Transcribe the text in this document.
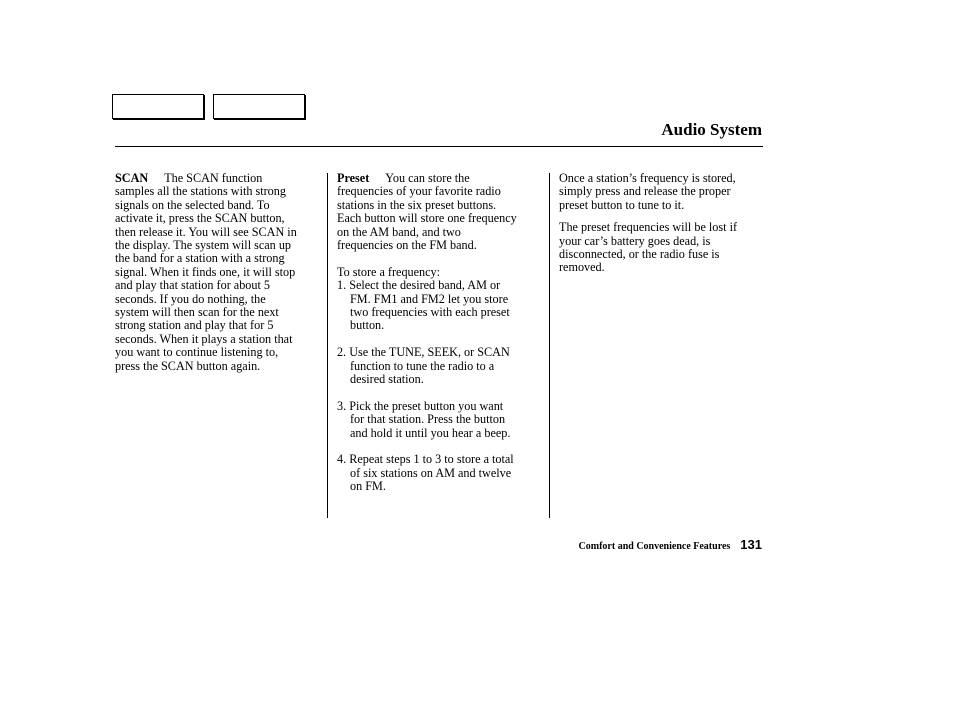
Audio System
SCAN The SCAN function
samples all the stations with strong
signals on the selected band. To
activate it, press the SCAN button,
then release it. You will see SCAN in
the display. The system will scan up
the band for a station with a strong
signal. When it finds one, it will stop
and play that station for about 5
seconds. If you do nothing, the
system will then scan for the next
strong station and play that for 5
seconds. When it plays a station that
you want to continue listening to,
press the SCAN button again.
Preset You can store the
frequencies of your favorite radio
stations in the six preset buttons.
Each button will store one frequency
on the AM band, and two
frequencies on the FM band.
To store a frequency:
1. Select the desired band, AM or
FM. FM1 and FM2 let you store
two frequencies with each preset
button.
2. Use the TUNE, SEEK, or SCAN
function to tune the radio to a
desired station.
3. Pick the preset button you want
for that station. Press the button
and hold it until you hear a beep.
4. Repeat steps 1 to 3 to store a total
of six stations on AM and twelve
on FM.
Once a station’s frequency is stored,
simply press and release the proper
preset button to tune to it.
The preset frequencies will be lost if
your car’s battery goes dead, is
disconnected, or the radio fuse is
removed.
Comfort and Convenience Features 131
